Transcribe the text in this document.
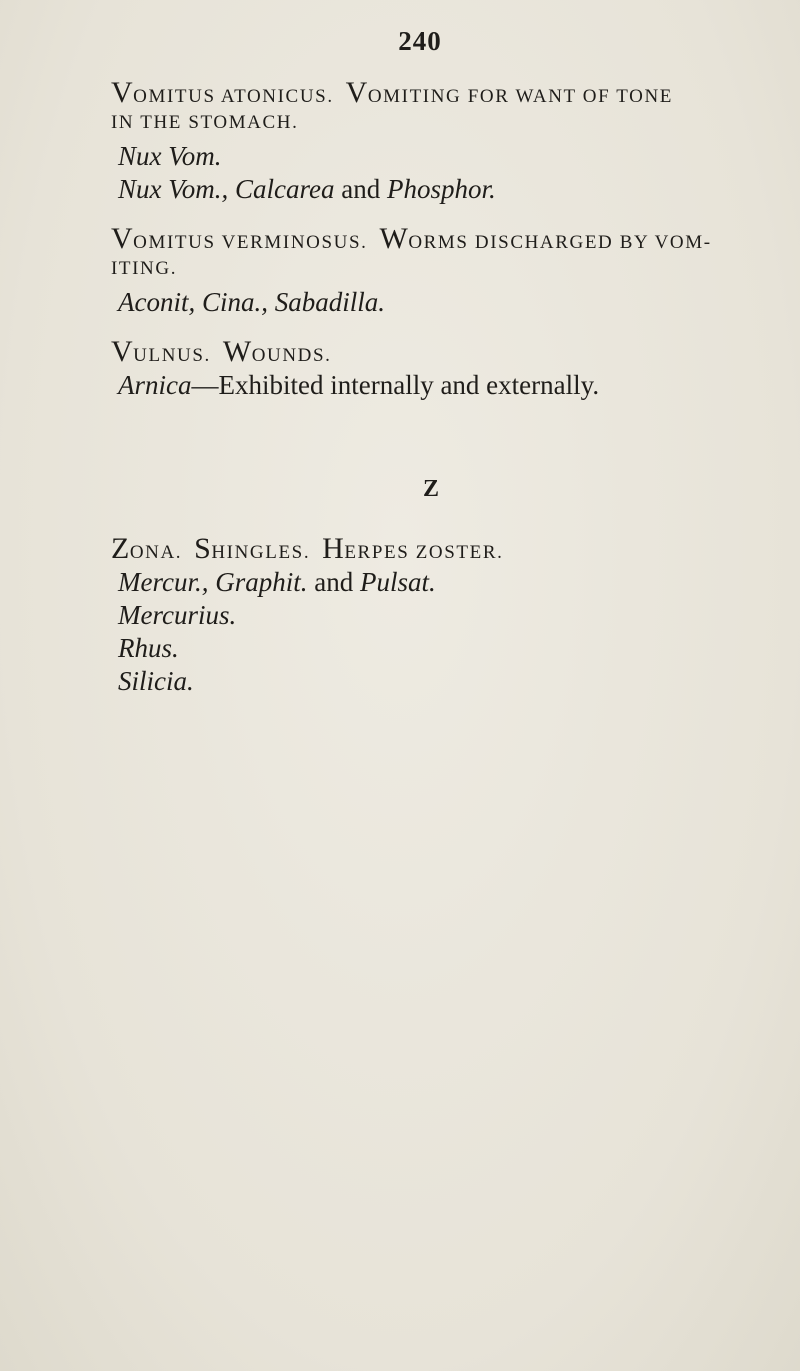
240
VOMITUS ATONICUS. VOMITING FOR WANT OF TONE
IN THE STOMACH.
Nux Vom.
Nux Vom., Calcarea and Phosphor.
VOMITUS VERMINOSUS. WORMS DISCHARGED BY VOM-
ITING.
Aconit, Cina., Sabadilla.
VULNUS. WOUNDS.
Arnica—Exhibited internally and externally.
Z
ZONA. SHINGLES. HERPES ZOSTER.
Mercur., Graphit. and Pulsat.
Mercurius.
Rhus.
Silicia.
